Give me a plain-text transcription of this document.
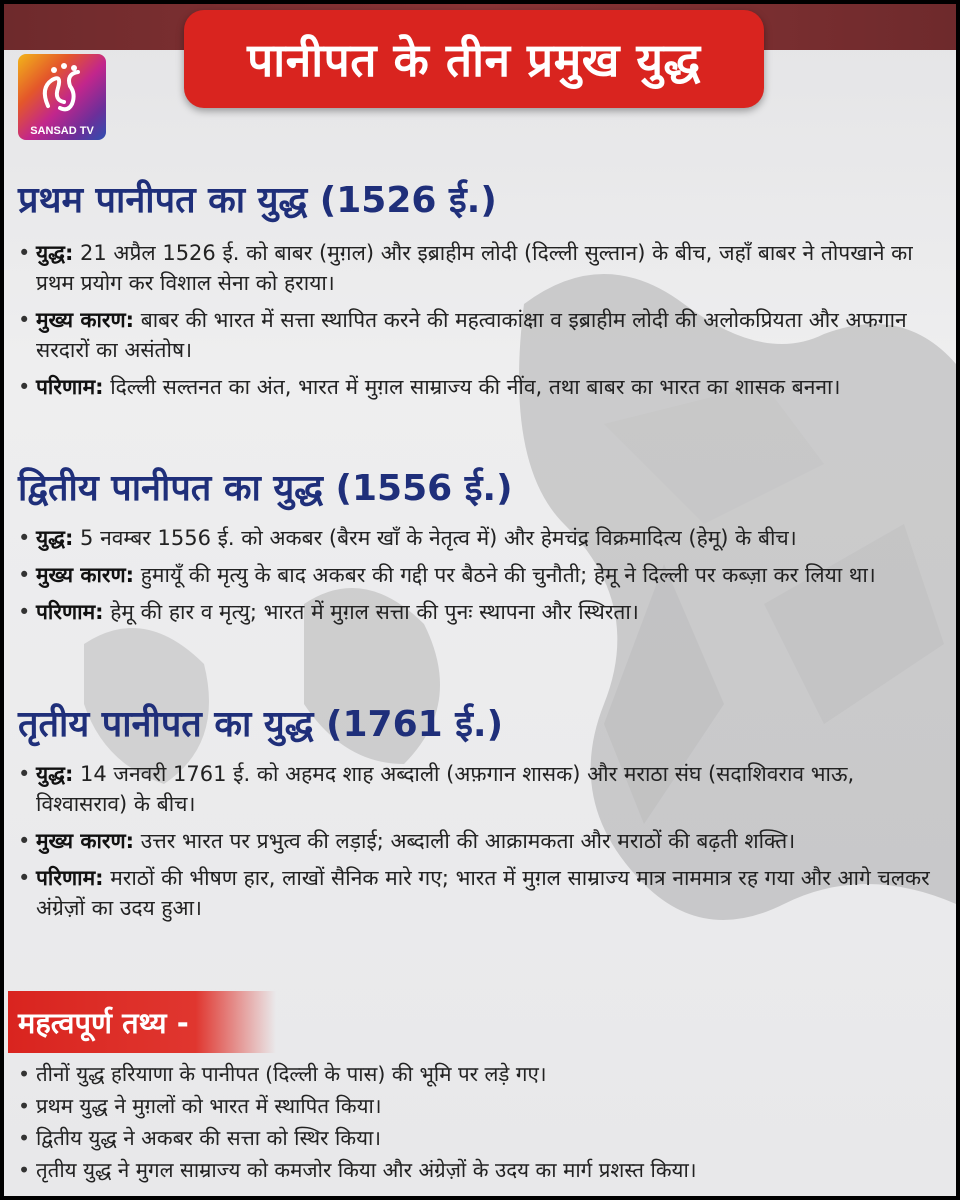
पानीपत के तीन प्रमुख युद्ध
SANSAD TV
प्रथम पानीपत का युद्ध (1526 ई.)
• युद्ध: 21 अप्रैल 1526 ई. को बाबर (मुग़ल) और इब्राहीम लोदी (दिल्ली सुल्तान) के बीच, जहाँ बाबर ने तोपखाने का प्रथम प्रयोग कर विशाल सेना को हराया।
• मुख्य कारण: बाबर की भारत में सत्ता स्थापित करने की महत्वाकांक्षा व इब्राहीम लोदी की अलोकप्रियता और अफगान सरदारों का असंतोष।
• परिणाम: दिल्ली सल्तनत का अंत, भारत में मुग़ल साम्राज्य की नींव, तथा बाबर का भारत का शासक बनना।
द्वितीय पानीपत का युद्ध (1556 ई.)
• युद्ध: 5 नवम्बर 1556 ई. को अकबर (बैरम खाँ के नेतृत्व में) और हेमचंद्र विक्रमादित्य (हेमू) के बीच।
• मुख्य कारण: हुमायूँ की मृत्यु के बाद अकबर की गद्दी पर बैठने की चुनौती; हेमू ने दिल्ली पर कब्ज़ा कर लिया था।
• परिणाम: हेमू की हार व मृत्यु; भारत में मुग़ल सत्ता की पुनः स्थापना और स्थिरता।
तृतीय पानीपत का युद्ध (1761 ई.)
• युद्ध: 14 जनवरी 1761 ई. को अहमद शाह अब्दाली (अफ़गान शासक) और मराठा संघ (सदाशिवराव भाऊ, विश्वासराव) के बीच।
• मुख्य कारण: उत्तर भारत पर प्रभुत्व की लड़ाई; अब्दाली की आक्रामकता और मराठों की बढ़ती शक्ति।
• परिणाम: मराठों की भीषण हार, लाखों सैनिक मारे गए; भारत में मुग़ल साम्राज्य मात्र नाममात्र रह गया और आगे चलकर अंग्रेज़ों का उदय हुआ।
महत्वपूर्ण तथ्य -
• तीनों युद्ध हरियाणा के पानीपत (दिल्ली के पास) की भूमि पर लड़े गए।
• प्रथम युद्ध ने मुग़लों को भारत में स्थापित किया।
• द्वितीय युद्ध ने अकबर की सत्ता को स्थिर किया।
• तृतीय युद्ध ने मुगल साम्राज्य को कमजोर किया और अंग्रेज़ों के उदय का मार्ग प्रशस्त किया।
